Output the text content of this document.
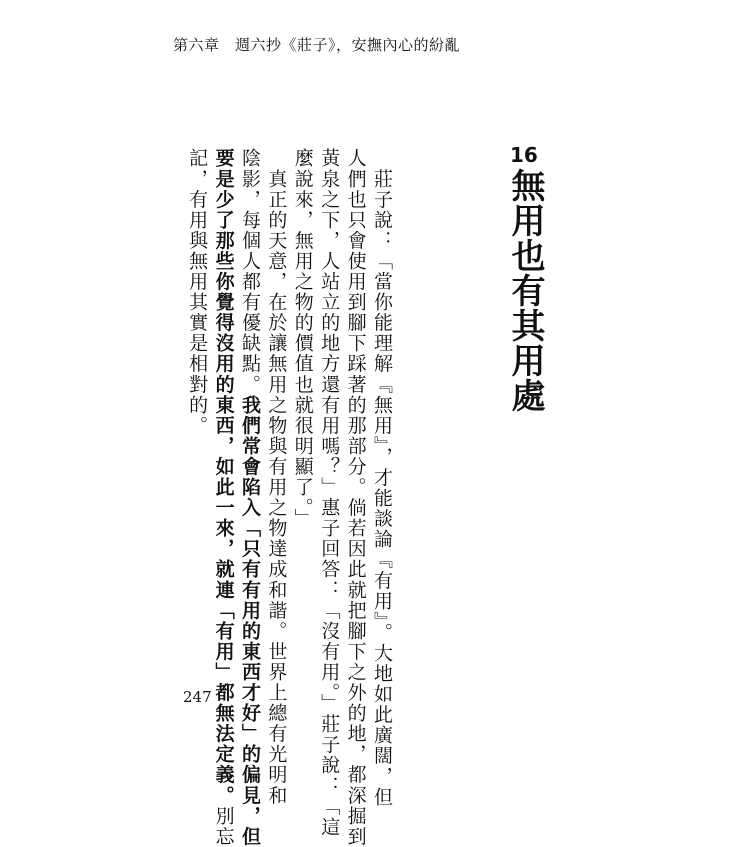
第六章　週六抄《莊子》，安撫內心的紛亂
16
無用也有其用處

　莊子說：「當你能理解『無用』，才能談論『有用』。大地如此廣闊，但
人們也只會使用到腳下踩著的那部分。倘若因此就把腳下之外的地，都深掘到
黃泉之下，人站立的地方還有用嗎？」惠子回答：「沒有用。」莊子說：「這
麼說來，無用之物的價值也就很明顯了。」

　真正的天意，在於讓無用之物與有用之物達成和諧。世界上總有光明和
陰影，每個人都有優缺點。我們常會陷入「只有有用的東西才好」的偏見，但
要是少了那些你覺得沒用的東西，如此一來，就連「有用」都無法定義。別忘
記，有用與無用其實是相對的。

247
